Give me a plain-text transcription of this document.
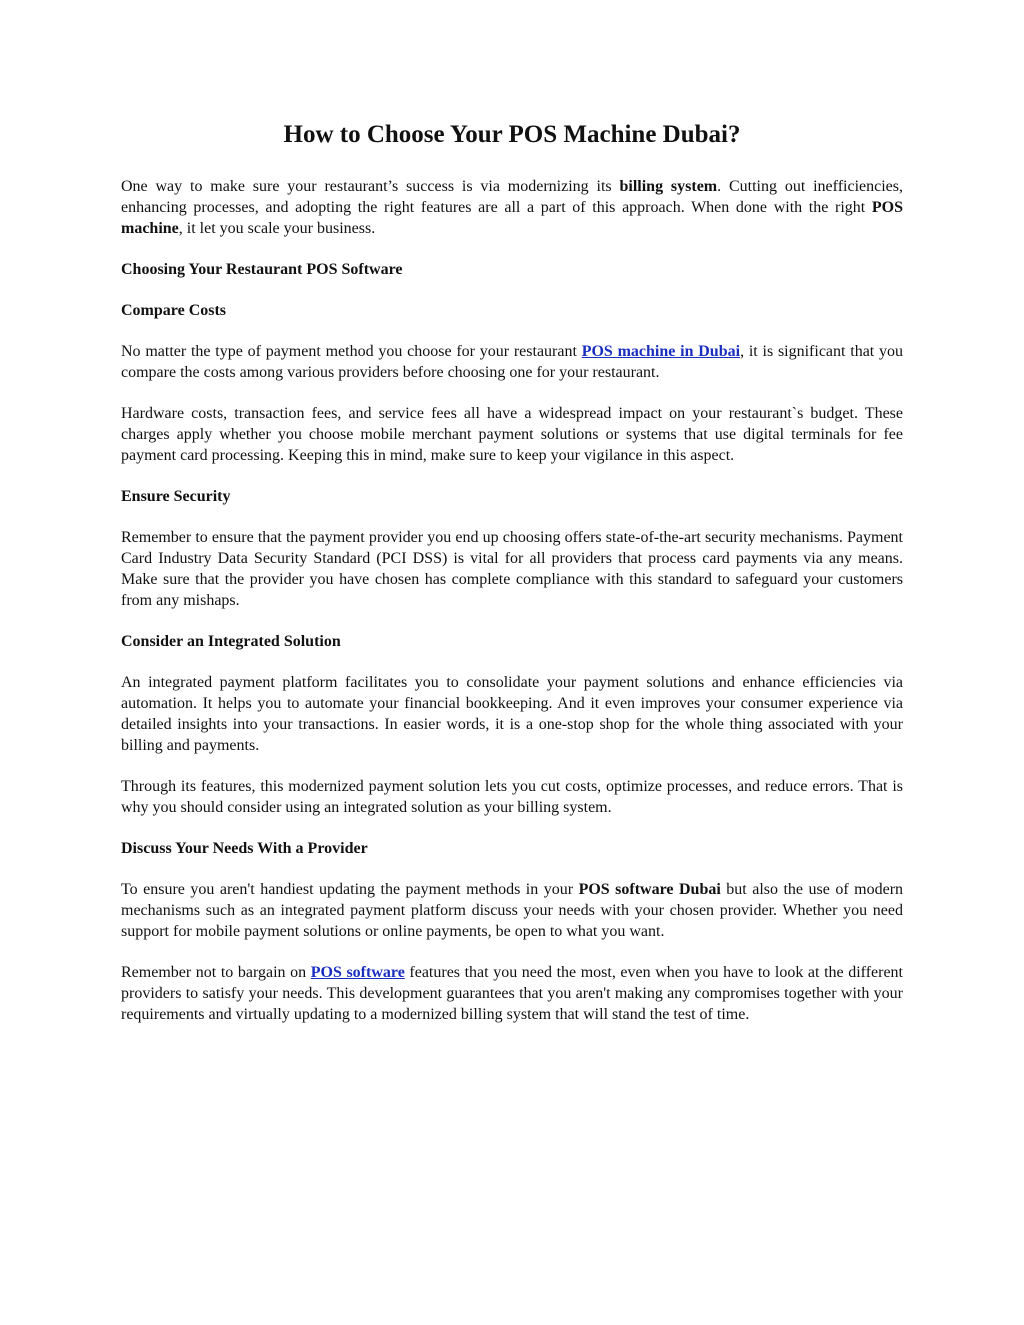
How to Choose Your POS Machine Dubai?

One way to make sure your restaurant’s success is via modernizing its billing system. Cutting out inefficiencies, enhancing processes, and adopting the right features are all a part of this approach. When done with the right POS machine, it let you scale your business.

Choosing Your Restaurant POS Software
Compare Costs

No matter the type of payment method you choose for your restaurant POS machine in Dubai, it is significant that you compare the costs among various providers before choosing one for your restaurant.

Hardware costs, transaction fees, and service fees all have a widespread impact on your restaurant`s budget. These charges apply whether you choose mobile merchant payment solutions or systems that use digital terminals for fee payment card processing. Keeping this in mind, make sure to keep your vigilance in this aspect.

Ensure Security

Remember to ensure that the payment provider you end up choosing offers state-of-the-art security mechanisms. Payment Card Industry Data Security Standard (PCI DSS) is vital for all providers that process card payments via any means. Make sure that the provider you have chosen has complete compliance with this standard to safeguard your customers from any mishaps.

Consider an Integrated Solution

An integrated payment platform facilitates you to consolidate your payment solutions and enhance efficiencies via automation. It helps you to automate your financial bookkeeping. And it even improves your consumer experience via detailed insights into your transactions. In easier words, it is a one-stop shop for the whole thing associated with your billing and payments.

Through its features, this modernized payment solution lets you cut costs, optimize processes, and reduce errors. That is why you should consider using an integrated solution as your billing system.

Discuss Your Needs With a Provider

To ensure you aren't handiest updating the payment methods in your POS software Dubai but also the use of modern mechanisms such as an integrated payment platform discuss your needs with your chosen provider. Whether you need support for mobile payment solutions or online payments, be open to what you want.

Remember not to bargain on POS software features that you need the most, even when you have to look at the different providers to satisfy your needs. This development guarantees that you aren't making any compromises together with your requirements and virtually updating to a modernized billing system that will stand the test of time.
